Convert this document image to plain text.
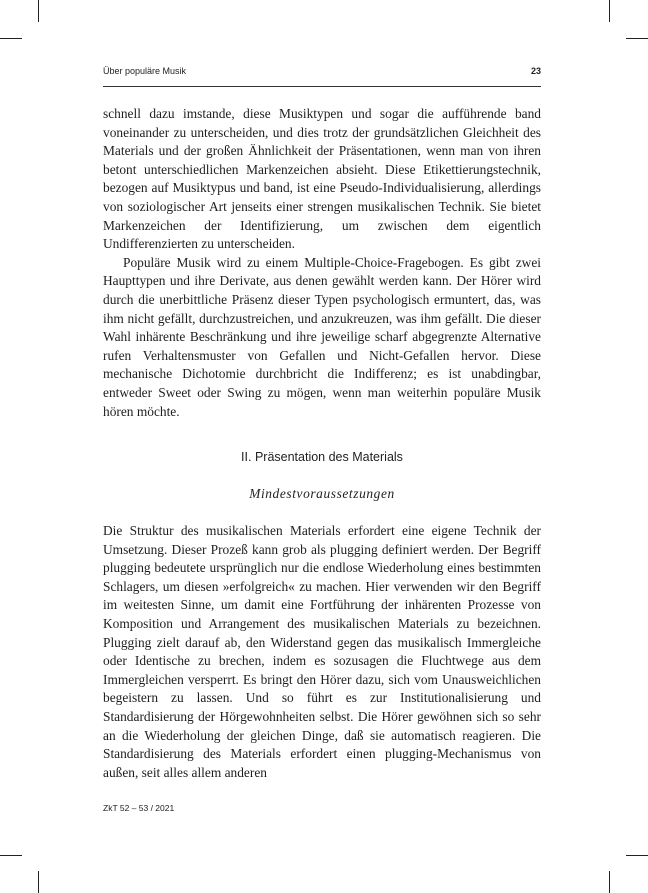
Über populäre Musik	23

schnell dazu imstande, diese Musiktypen und sogar die aufführende band voneinander zu unterscheiden, und dies trotz der grundsätzlichen Gleichheit des Materials und der großen Ähnlichkeit der Präsentationen, wenn man von ihren betont unterschiedlichen Markenzeichen absieht. Diese Etikettierungstechnik, bezogen auf Musiktypus und band, ist eine Pseudo-Individualisierung, allerdings von soziologischer Art jenseits einer strengen musikalischen Technik. Sie bietet Markenzeichen der Identifizierung, um zwischen dem eigentlich Undifferenzierten zu unterscheiden.

Populäre Musik wird zu einem Multiple-Choice-Fragebogen. Es gibt zwei Haupttypen und ihre Derivate, aus denen gewählt werden kann. Der Hörer wird durch die unerbittliche Präsenz dieser Typen psychologisch ermuntert, das, was ihm nicht gefällt, durchzustreichen, und anzukreuzen, was ihm gefällt. Die dieser Wahl inhärente Beschränkung und ihre jeweilige scharf abgegrenzte Alternative rufen Verhaltensmuster von Gefallen und Nicht-Gefallen hervor. Diese mechanische Dichotomie durchbricht die Indifferenz; es ist unabdingbar, entweder Sweet oder Swing zu mögen, wenn man weiterhin populäre Musik hören möchte.

II. Präsentation des Materials
Mindestvoraussetzungen

Die Struktur des musikalischen Materials erfordert eine eigene Technik der Umsetzung. Dieser Prozeß kann grob als plugging definiert werden. Der Begriff plugging bedeutete ursprünglich nur die endlose Wiederholung eines bestimmten Schlagers, um diesen »erfolgreich« zu machen. Hier verwenden wir den Begriff im weitesten Sinne, um damit eine Fortführung der inhärenten Prozesse von Komposition und Arrangement des musikalischen Materials zu bezeichnen. Plugging zielt darauf ab, den Widerstand gegen das musikalisch Immergleiche oder Identische zu brechen, indem es sozusagen die Fluchtwege aus dem Immergleichen versperrt. Es bringt den Hörer dazu, sich vom Unausweichlichen begeistern zu lassen. Und so führt es zur Institutionalisierung und Standardisierung der Hörgewohnheiten selbst. Die Hörer gewöhnen sich so sehr an die Wiederholung der gleichen Dinge, daß sie automatisch reagieren. Die Standardisierung des Materials erfordert einen plugging-Mechanismus von außen, seit alles allem anderen

ZkT 52 – 53 / 2021
